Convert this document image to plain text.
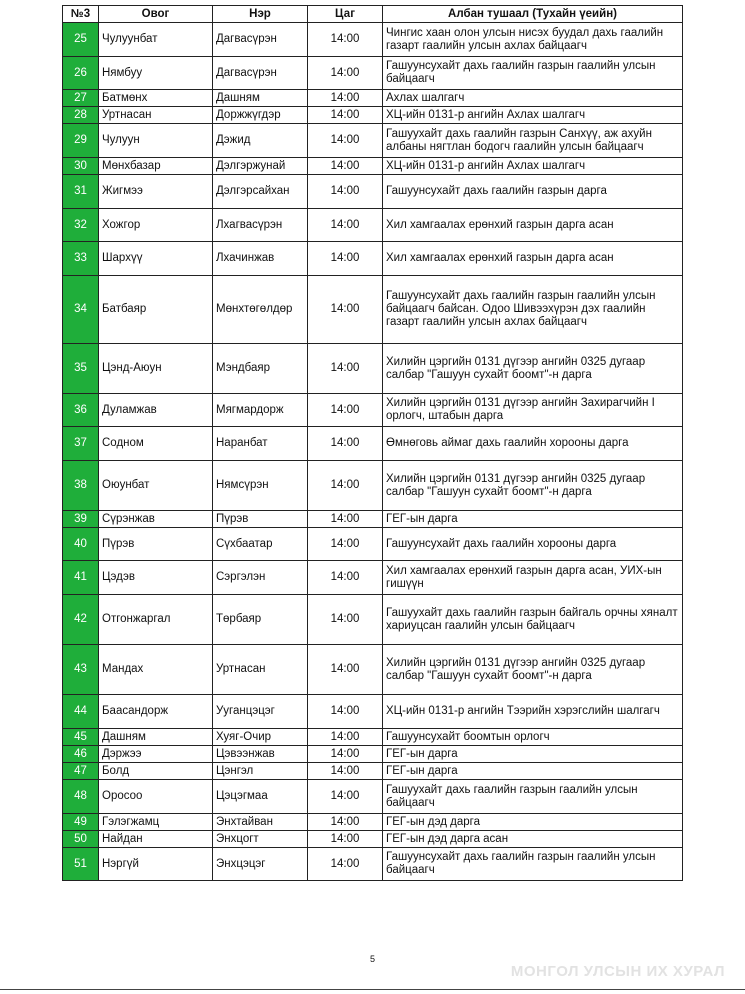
№3	Овог	Нэр	Цаг	Албан тушаал (Тухайн үеийн)
25	Чулуунбат	Дагвасүрэн	14:00	Чингис хаан олон улсын нисэх буудал дахь гаалийн газарт гаалийн улсын ахлах байцаагч
26	Нямбуу	Дагвасүрэн	14:00	Гашуунсухайт дахь гаалийн газрын гаалийн улсын байцаагч
27	Батмөнх	Дашням	14:00	Ахлах шалгагч
28	Уртнасан	Доржжүгдэр	14:00	ХЦ-ийн 0131-р ангийн Ахлах шалгагч
29	Чулуун	Дэжид	14:00	Гашуухайт дахь гаалийн газрын Санхүү, аж ахуйн албаны нягтлан бодогч гаалийн улсын байцаагч
30	Мөнхбазар	Дэлгэржунай	14:00	ХЦ-ийн 0131-р ангийн Ахлах шалгагч
31	Жигмээ	Дэлгэрсайхан	14:00	Гашуунсухайт дахь гаалийн газрын дарга
32	Хожгор	Лхагвасүрэн	14:00	Хил хамгаалах ерөнхий газрын дарга асан
33	Шархүү	Лхачинжав	14:00	Хил хамгаалах ерөнхий газрын дарга асан
34	Батбаяр	Мөнхтөгөлдөр	14:00	Гашуунсухайт дахь гаалийн газрын гаалийн улсын байцаагч байсан. Одоо Шивээхүрэн дэх гаалийн газарт гаалийн улсын ахлах байцаагч
35	Цэнд-Аюун	Мэндбаяр	14:00	Хилийн цэргийн 0131 дүгээр ангийн 0325 дугаар салбар "Гашуун сухайт боомт"-н дарга
36	Дуламжав	Мягмардорж	14:00	Хилийн цэргийн 0131 дүгээр ангийн Захирагчийн I орлогч, штабын дарга
37	Содном	Наранбат	14:00	Өмнөговь аймаг дахь гаалийн хорооны дарга
38	Оюунбат	Нямсүрэн	14:00	Хилийн цэргийн 0131 дүгээр ангийн 0325 дугаар салбар "Гашуун сухайт боомт"-н дарга
39	Сүрэнжав	Пүрэв	14:00	ГЕГ-ын дарга
40	Пүрэв	Сүхбаатар	14:00	Гашуунсухайт дахь гаалийн хорооны дарга
41	Цэдэв	Сэргэлэн	14:00	Хил хамгаалах ерөнхий газрын дарга асан, УИХ-ын гишүүн
42	Отгонжаргал	Төрбаяр	14:00	Гашуухайт дахь гаалийн газрын байгаль орчны хяналт хариуцсан гаалийн улсын байцаагч
43	Мандах	Уртнасан	14:00	Хилийн цэргийн 0131 дүгээр ангийн 0325 дугаар салбар "Гашуун сухайт боомт"-н дарга
44	Баасандорж	Ууганцэцэг	14:00	ХЦ-ийн 0131-р ангийн Тээрийн хэрэгслийн шалгагч
45	Дашням	Хуяг-Очир	14:00	Гашуунсухайт боомтын орлогч
46	Дэржээ	Цэвээнжав	14:00	ГЕГ-ын дарга
47	Болд	Цэнгэл	14:00	ГЕГ-ын дарга
48	Оросоо	Цэцэгмаа	14:00	Гашуухайт дахь гаалийн газрын гаалийн улсын байцаагч
49	Гэлэгжамц	Энхтайван	14:00	ГЕГ-ын дэд дарга
50	Найдан	Энхцогт	14:00	ГЕГ-ын дэд дарга асан
51	Нэргүй	Энхцэцэг	14:00	Гашуунсухайт дахь гаалийн газрын гаалийн улсын байцаагч
5
МОНГОЛ УЛСЫН ИХ ХУРАЛ
